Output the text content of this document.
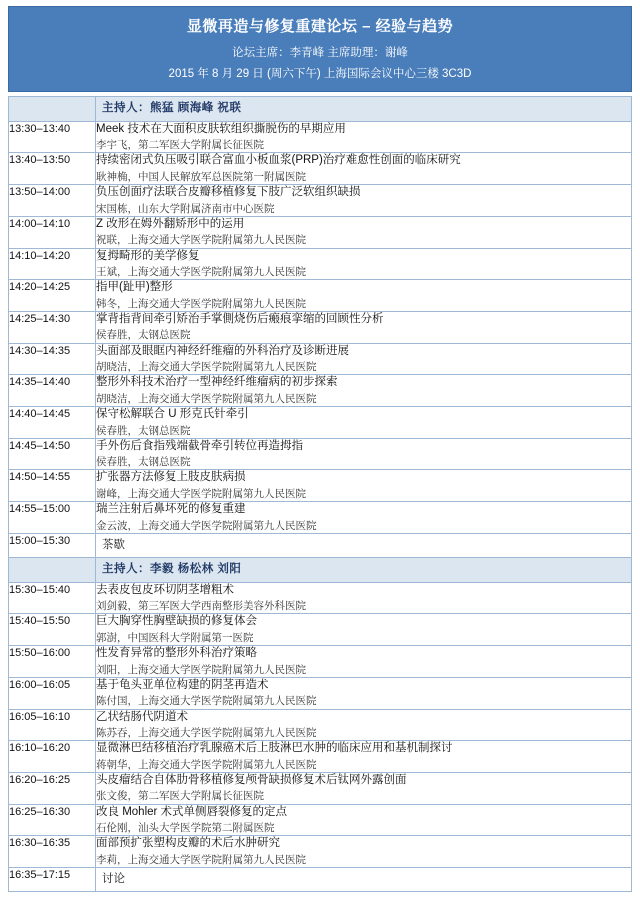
显微再造与修复重建论坛 – 经验与趋势
论坛主席：李青峰 主席助理：谢峰
2015 年 8 月 29 日 (周六下午) 上海国际会议中心三楼 3C3D

	主持人：熊猛 顾海峰 祝联

13:30–13:40	Meek 技术在大面积皮肤软组织撕脱伤的早期应用
李宇飞，第二军医大学附属长征医院

13:40–13:50	持续密闭式负压吸引联合富血小板血浆(PRP)治疗难愈性创面的临床研究
耿神桷，中国人民解放军总医院第一附属医院

13:50–14:00	负压创面疗法联合皮瓣移植修复下肢广泛软组织缺损
宋国栋，山东大学附属济南市中心医院

14:00–14:10	Z 改形在姆外翻矫形中的运用
祝联，上海交通大学医学院附属第九人民医院

14:10–14:20	复拇畸形的美学修复
王斌，上海交通大学医学院附属第九人民医院

14:20–14:25	指甲(趾甲)整形
韩冬，上海交通大学医学院附属第九人民医院

14:25–14:30	掌背指背间牵引矫治手掌側烧伤后瘢痕挛缩的回顾性分析
侯春胜，太钢总医院

14:30–14:35	头面部及眼眶内神经纤维瘤的外科治疗及诊断进展
胡晓洁，上海交通大学医学院附属第九人民医院

14:35–14:40	整形外科技术治疗一型神经纤维瘤病的初步探索
胡晓洁，上海交通大学医学院附属第九人民医院

14:40–14:45	保守松解联合 U 形克氏针牵引
侯春胜，太钢总医院

14:45–14:50	手外伤后食指残端截骨牵引转位再造拇指
侯春胜，太钢总医院

14:50–14:55	扩张器方法修复上肢皮肤病损
谢峰，上海交通大学医学院附属第九人民医院

14:55–15:00	瑞兰注射后鼻坏死的修复重建
金云波，上海交通大学医学院附属第九人民医院

15:00–15:30	茶歇

	主持人：李毅 杨松林 刘阳

15:30–15:40	去表皮包皮环切阴茎增粗术
刘剑毅，第三军医大学西南整形美容外科医院

15:40–15:50	巨大胸穿性胸壁缺损的修复体会
郭澍，中国医科大学附属第一医院

15:50–16:00	性发育异常的整形外科治疗策略
刘阳，上海交通大学医学院附属第九人民医院

16:00–16:05	基于龟头亚单位构建的阴茎再造术
陈付国，上海交通大学医学院附属第九人民医院

16:05–16:10	乙状结肠代阴道术
陈苏吞，上海交通大学医学院附属第九人民医院

16:10–16:20	显微淋巴结移植治疗乳腺癌术后上肢淋巴水肿的临床应用和基机制探讨
蒋朝华，上海交通大学医学院附属第九人民医院

16:20–16:25	头皮瘤结合自体肋骨移植修复颅骨缺损修复术后钛网外露创面
张文俊，第二军医大学附属长征医院

16:25–16:30	改良 Mohler 术式单侧唇裂修复的定点
石伦刚，汕头大学医学院第二附属医院

16:30–16:35	面部预扩张塑构皮瓣的术后水肿研究
李莉，上海交通大学医学院附属第九人民医院

16:35–17:15	讨论
